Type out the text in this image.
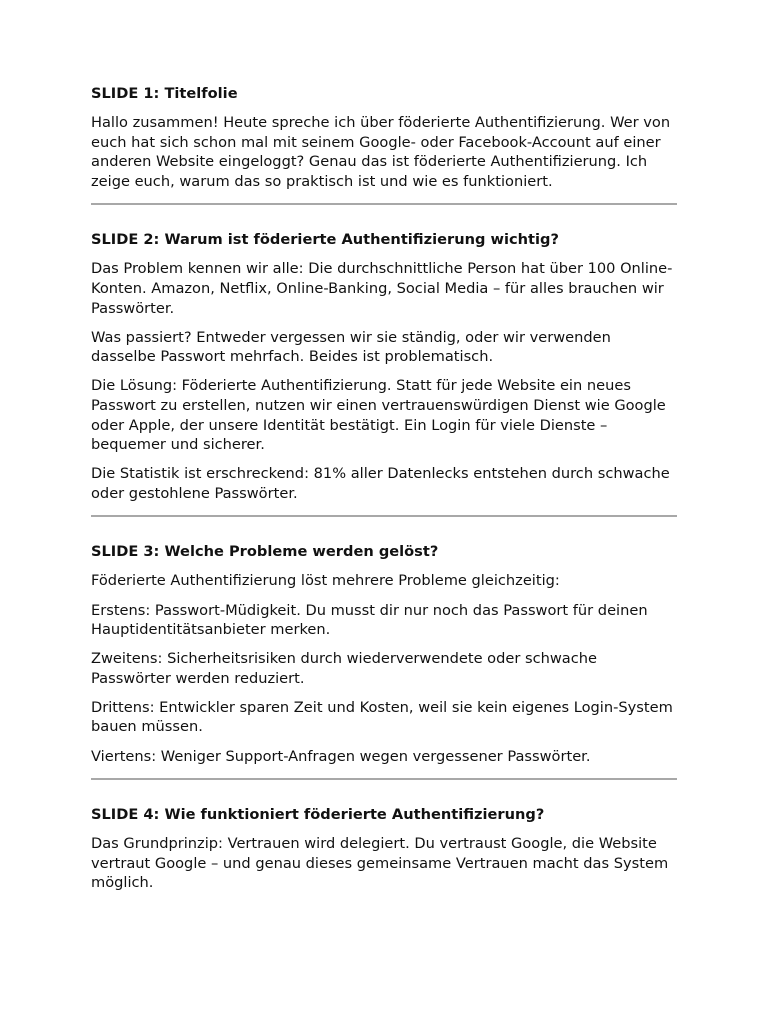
SLIDE 1: Titelfolie

Hallo zusammen! Heute spreche ich über föderierte Authentifizierung. Wer von euch hat sich schon mal mit seinem Google- oder Facebook-Account auf einer anderen Website eingeloggt? Genau das ist föderierte Authentifizierung. Ich zeige euch, warum das so praktisch ist und wie es funktioniert.

SLIDE 2: Warum ist föderierte Authentifizierung wichtig?

Das Problem kennen wir alle: Die durchschnittliche Person hat über 100 Online-Konten. Amazon, Netflix, Online-Banking, Social Media – für alles brauchen wir Passwörter.

Was passiert? Entweder vergessen wir sie ständig, oder wir verwenden dasselbe Passwort mehrfach. Beides ist problematisch.

Die Lösung: Föderierte Authentifizierung. Statt für jede Website ein neues Passwort zu erstellen, nutzen wir einen vertrauenswürdigen Dienst wie Google oder Apple, der unsere Identität bestätigt. Ein Login für viele Dienste – bequemer und sicherer.

Die Statistik ist erschreckend: 81% aller Datenlecks entstehen durch schwache oder gestohlene Passwörter.

SLIDE 3: Welche Probleme werden gelöst?

Föderierte Authentifizierung löst mehrere Probleme gleichzeitig:

Erstens: Passwort-Müdigkeit. Du musst dir nur noch das Passwort für deinen Hauptidentitätsanbieter merken.

Zweitens: Sicherheitsrisiken durch wiederverwendete oder schwache Passwörter werden reduziert.

Drittens: Entwickler sparen Zeit und Kosten, weil sie kein eigenes Login-System bauen müssen.

Viertens: Weniger Support-Anfragen wegen vergessener Passwörter.

SLIDE 4: Wie funktioniert föderierte Authentifizierung?

Das Grundprinzip: Vertrauen wird delegiert. Du vertraust Google, die Website vertraut Google – und genau dieses gemeinsame Vertrauen macht das System möglich.
